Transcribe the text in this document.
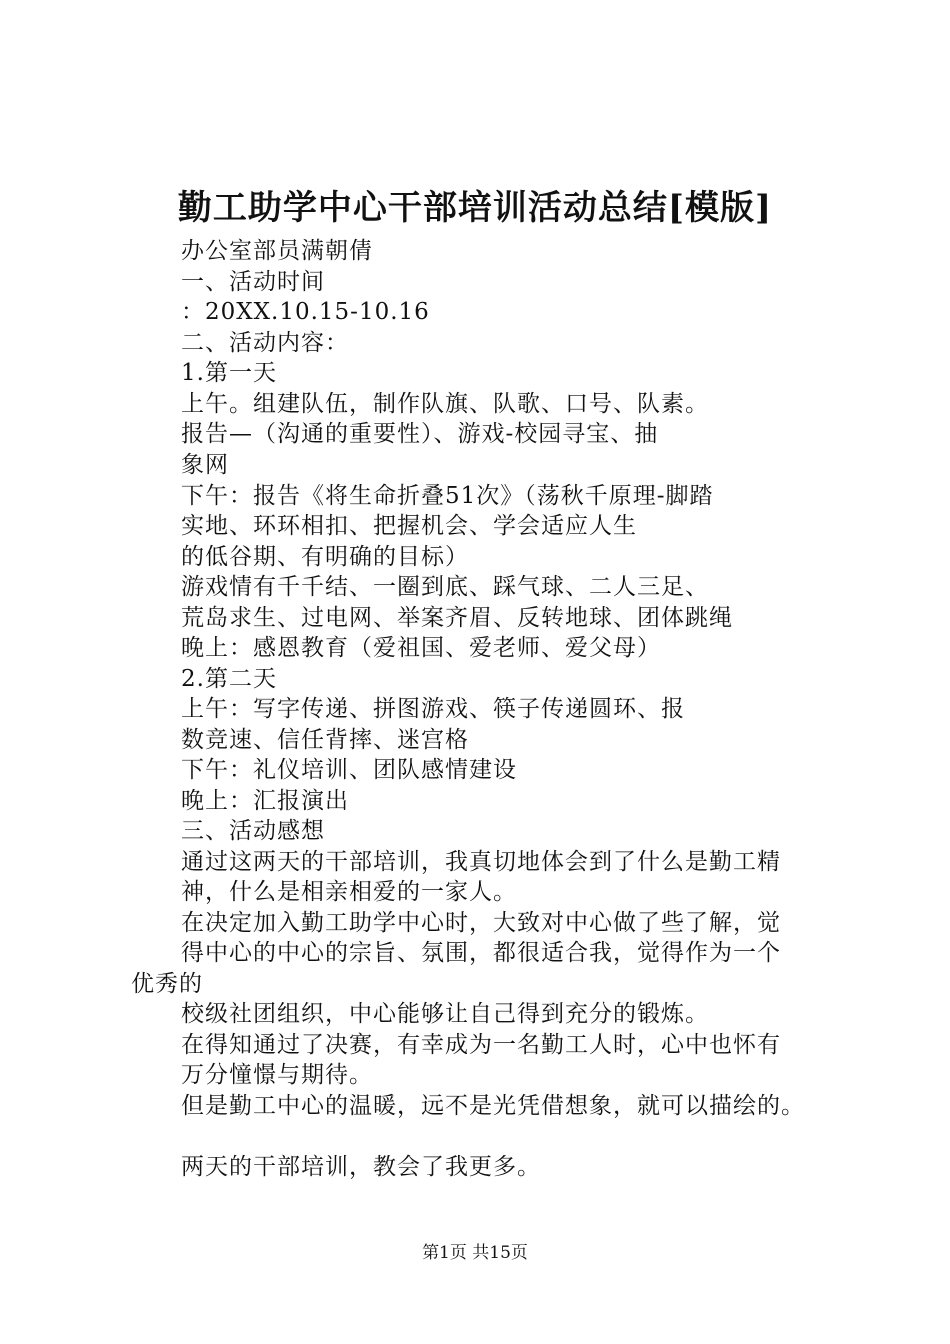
勤工助学中心干部培训活动总结[模版]
办公室部员满朝倩
一、活动时间
：20XX.10.15-10.16
二、活动内容：
1.第一天
上午。组建队伍，制作队旗、队歌、口号、队素。
报告—（沟通的重要性）、游戏-校园寻宝、抽
象网
下午：报告《将生命折叠51次》（荡秋千原理-脚踏
实地、环环相扣、把握机会、学会适应人生
的低谷期、有明确的目标）
游戏情有千千结、一圈到底、踩气球、二人三足、
荒岛求生、过电网、举案齐眉、反转地球、团体跳绳
晚上：感恩教育（爱祖国、爱老师、爱父母）
2.第二天
上午：写字传递、拼图游戏、筷子传递圆环、报
数竞速、信任背摔、迷宫格
下午：礼仪培训、团队感情建设
晚上：汇报演出
三、活动感想
通过这两天的干部培训，我真切地体会到了什么是勤工精
神，什么是相亲相爱的一家人。
在决定加入勤工助学中心时，大致对中心做了些了解，觉
得中心的中心的宗旨、氛围，都很适合我，觉得作为一个
优秀的
校级社团组织，中心能够让自己得到充分的锻炼。
在得知通过了决赛，有幸成为一名勤工人时，心中也怀有
万分憧憬与期待。
但是勤工中心的温暖，远不是光凭借想象，就可以描绘的。
两天的干部培训，教会了我更多。
第1页 共15页
